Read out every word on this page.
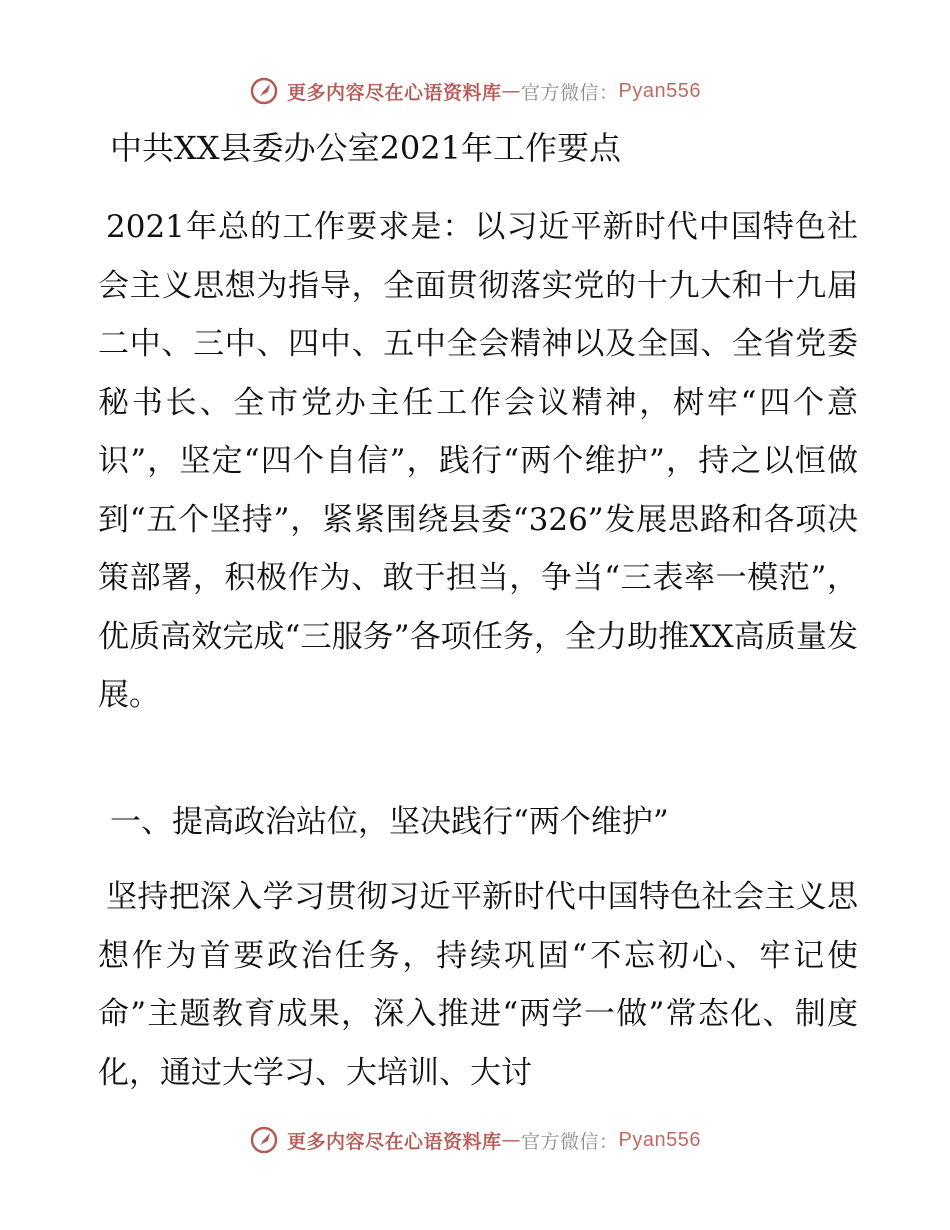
更多内容尽在心语资料库 — 官方微信： Pyan556
中共XX县委办公室2021年工作要点
2021年总的工作要求是：以习近平新时代中国特色社会主义思想为指导，全面贯彻落实党的十九大和十九届二中、三中、四中、五中全会精神以及全国、全省党委秘书长、全市党办主任工作会议精神，树牢“四个意识”，坚定“四个自信”，践行“两个维护”，持之以恒做到“五个坚持”，紧紧围绕县委“326”发展思路和各项决策部署，积极作为、敢于担当，争当“三表率一模范”，优质高效完成“三服务”各项任务，全力助推XX高质量发展。
一、提高政治站位，坚决践行“两个维护”
坚持把深入学习贯彻习近平新时代中国特色社会主义思想作为首要政治任务，持续巩固“不忘初心、牢记使命”主题教育成果，深入推进“两学一做”常态化、制度化，通过大学习、大培训、大讨
更多内容尽在心语资料库 — 官方微信： Pyan556
